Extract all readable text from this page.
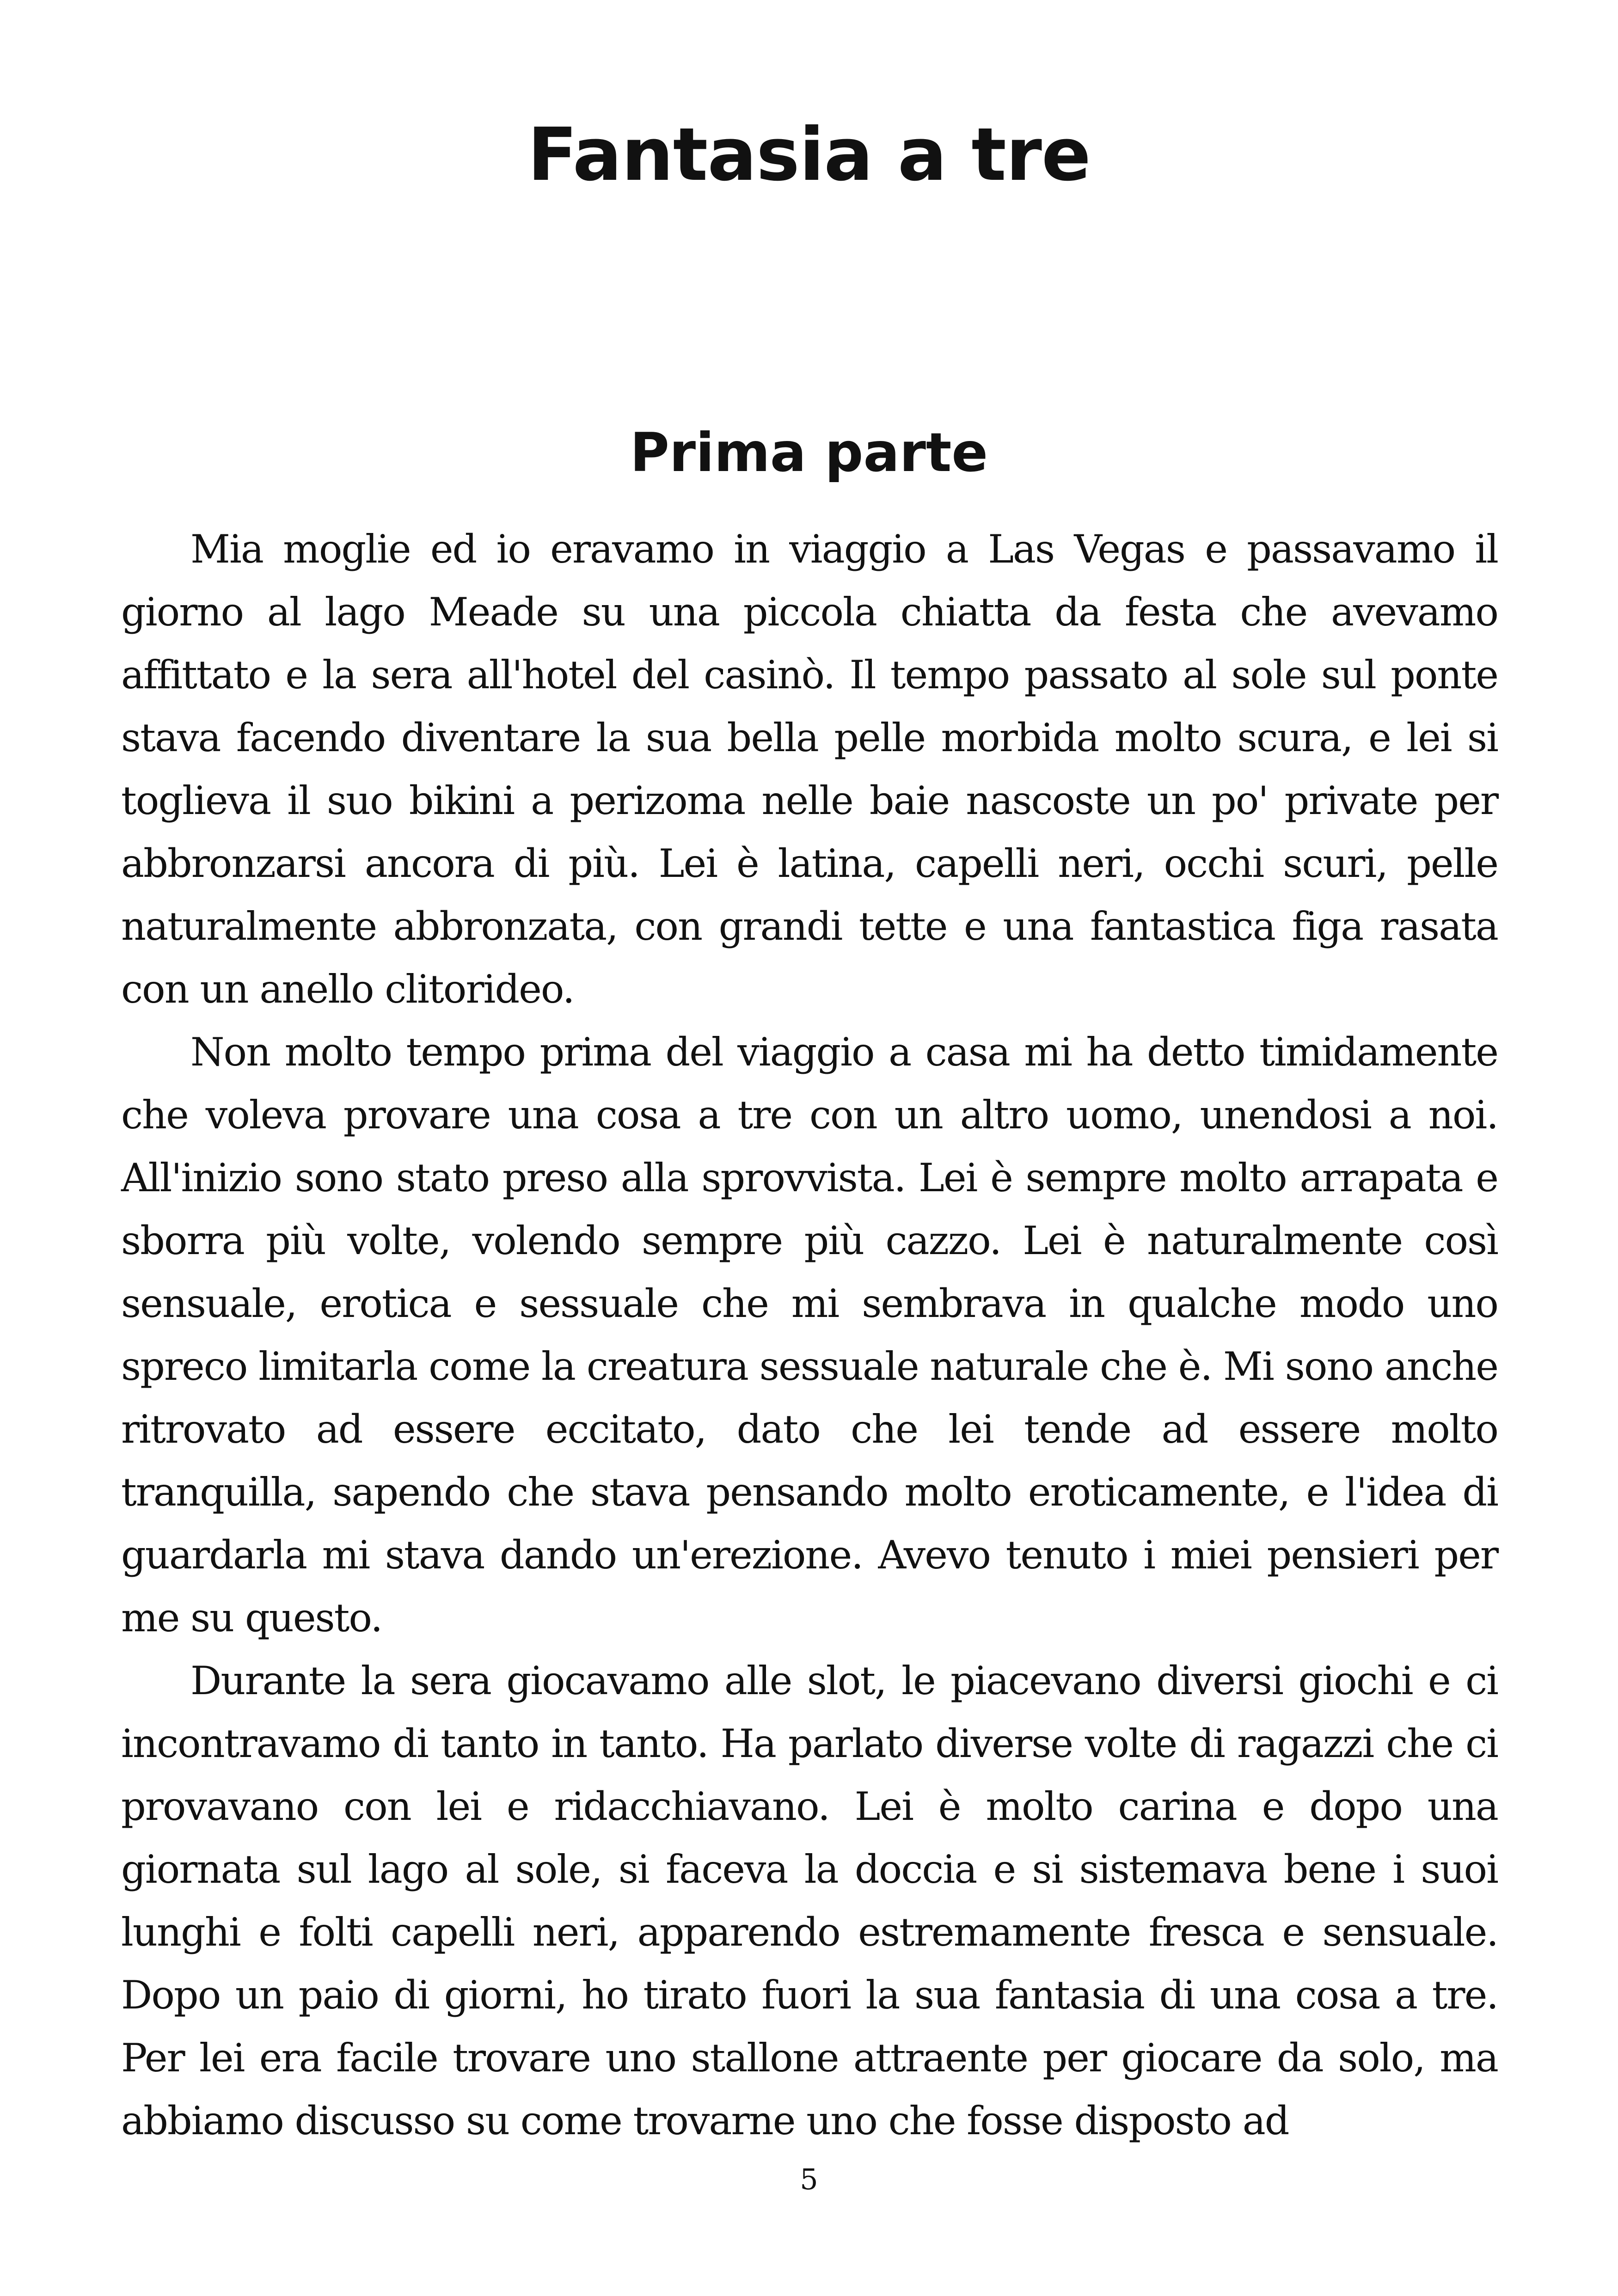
Fantasia a tre
Prima parte

Mia moglie ed io eravamo in viaggio a Las Vegas e passavamo il giorno al lago Meade su una piccola chiatta da festa che avevamo affittato e la sera all'hotel del casinò. Il tempo passato al sole sul ponte stava facendo diventare la sua bella pelle morbida molto scura, e lei si toglieva il suo bikini a perizoma nelle baie nascoste un po' private per abbronzarsi ancora di più. Lei è latina, capelli neri, occhi scuri, pelle naturalmente abbronzata, con grandi tette e una fantastica figa rasata con un anello clitorideo.

Non molto tempo prima del viaggio a casa mi ha detto timidamente che voleva provare una cosa a tre con un altro uomo, unendosi a noi. All'inizio sono stato preso alla sprovvista. Lei è sempre molto arrapata e sborra più volte, volendo sempre più cazzo. Lei è naturalmente così sensuale, erotica e sessuale che mi sembrava in qualche modo uno spreco limitarla come la creatura sessuale naturale che è. Mi sono anche ritrovato ad essere eccitato, dato che lei tende ad essere molto tranquilla, sapendo che stava pensando molto eroticamente, e l'idea di guardarla mi stava dando un'erezione. Avevo tenuto i miei pensieri per me su questo.

Durante la sera giocavamo alle slot, le piacevano diversi giochi e ci incontravamo di tanto in tanto. Ha parlato diverse volte di ragazzi che ci provavano con lei e ridacchiavano. Lei è molto carina e dopo una giornata sul lago al sole, si faceva la doccia e si sistemava bene i suoi lunghi e folti capelli neri, apparendo estremamente fresca e sensuale. Dopo un paio di giorni, ho tirato fuori la sua fantasia di una cosa a tre. Per lei era facile trovare uno stallone attraente per giocare da solo, ma abbiamo discusso su come trovarne uno che fosse disposto ad

5
